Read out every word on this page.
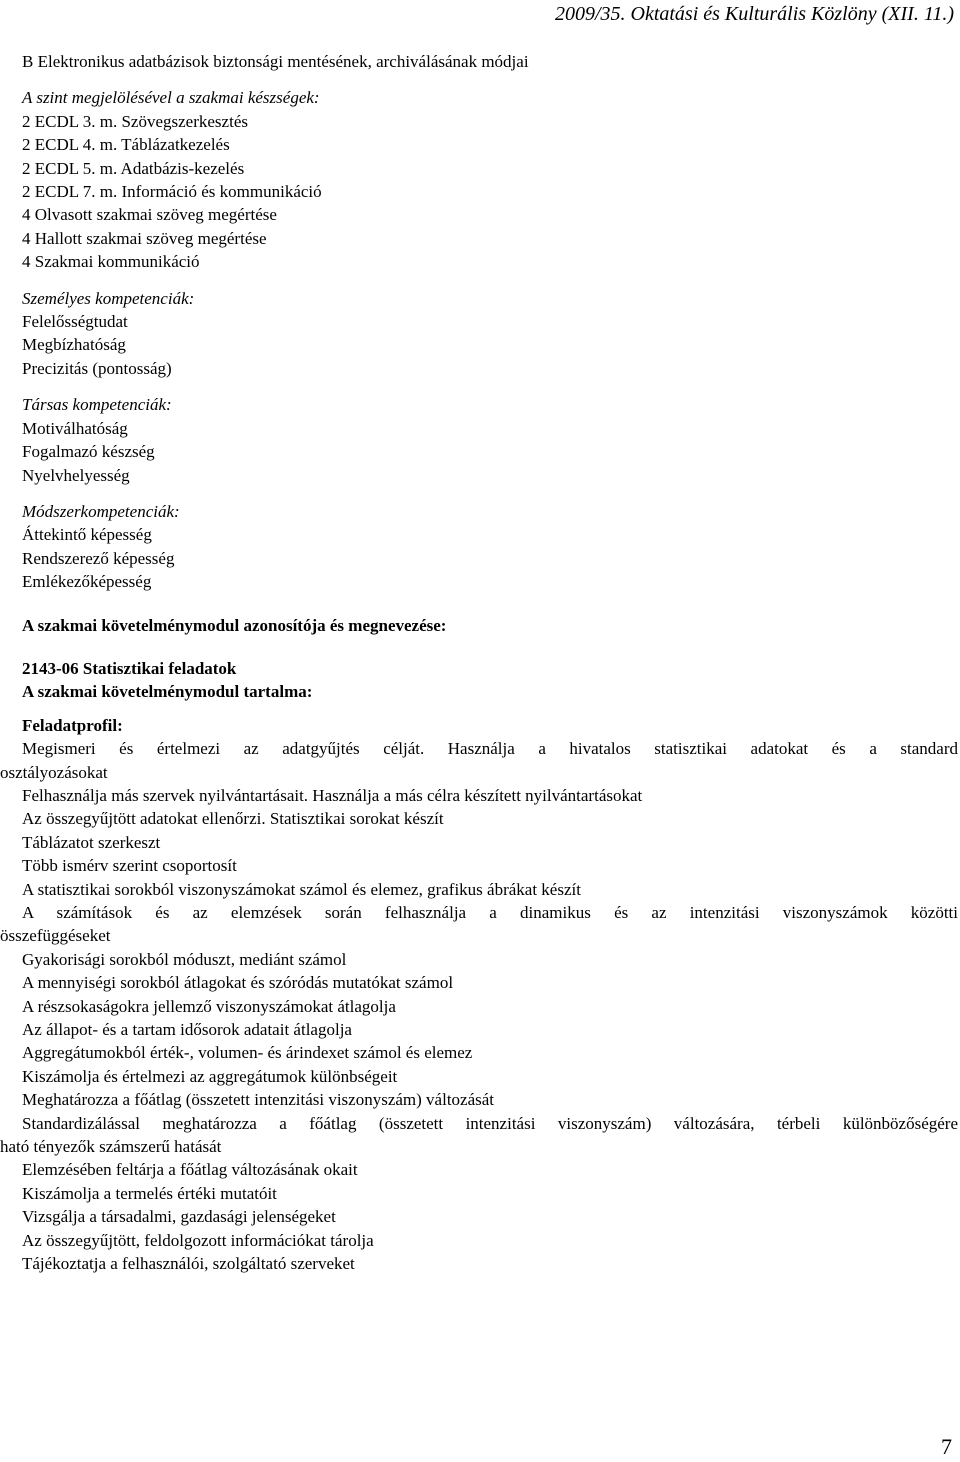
2009/35. Oktatási és Kulturális Közlöny (XII. 11.)
B Elektronikus adatbázisok biztonsági mentésének, archiválásának módjai
A szint megjelölésével a szakmai készségek:
2 ECDL 3. m. Szövegszerkesztés
2 ECDL 4. m. Táblázatkezelés
2 ECDL 5. m. Adatbázis-kezelés
2 ECDL 7. m. Információ és kommunikáció
4 Olvasott szakmai szöveg megértése
4 Hallott szakmai szöveg megértése
4 Szakmai kommunikáció
Személyes kompetenciák:
Felelősségtudat
Megbízhatóság
Precizitás (pontosság)
Társas kompetenciák:
Motiválhatóság
Fogalmazó készség
Nyelvhelyesség
Módszerkompetenciák:
Áttekintő képesség
Rendszerező képesség
Emlékezőképesség
A szakmai követelménymodul azonosítója és megnevezése:
2143-06 Statisztikai feladatok
A szakmai követelménymodul tartalma:
Feladatprofil:
Megismeri és értelmezi az adatgyűjtés célját. Használja a hivatalos statisztikai adatokat és a standard
osztályozásokat
Felhasználja más szervek nyilvántartásait. Használja a más célra készített nyilvántartásokat
Az összegyűjtött adatokat ellenőrzi. Statisztikai sorokat készít
Táblázatot szerkeszt
Több ismérv szerint csoportosít
A statisztikai sorokból viszonyszámokat számol és elemez, grafikus ábrákat készít
A számítások és az elemzések során felhasználja a dinamikus és az intenzitási viszonyszámok közötti
összefüggéseket
Gyakorisági sorokból móduszt, mediánt számol
A mennyiségi sorokból átlagokat és szóródás mutatókat számol
A részsokaságokra jellemző viszonyszámokat átlagolja
Az állapot- és a tartam idősorok adatait átlagolja
Aggregátumokból érték-, volumen- és árindexet számol és elemez
Kiszámolja és értelmezi az aggregátumok különbségeit
Meghatározza a főátlag (összetett intenzitási viszonyszám) változását
Standardizálással meghatározza a főátlag (összetett intenzitási viszonyszám) változására, térbeli különbözőségére
ható tényezők számszerű hatását
Elemzésében feltárja a főátlag változásának okait
Kiszámolja a termelés értéki mutatóit
Vizsgálja a társadalmi, gazdasági jelenségeket
Az összegyűjtött, feldolgozott információkat tárolja
Tájékoztatja a felhasználói, szolgáltató szerveket
7
